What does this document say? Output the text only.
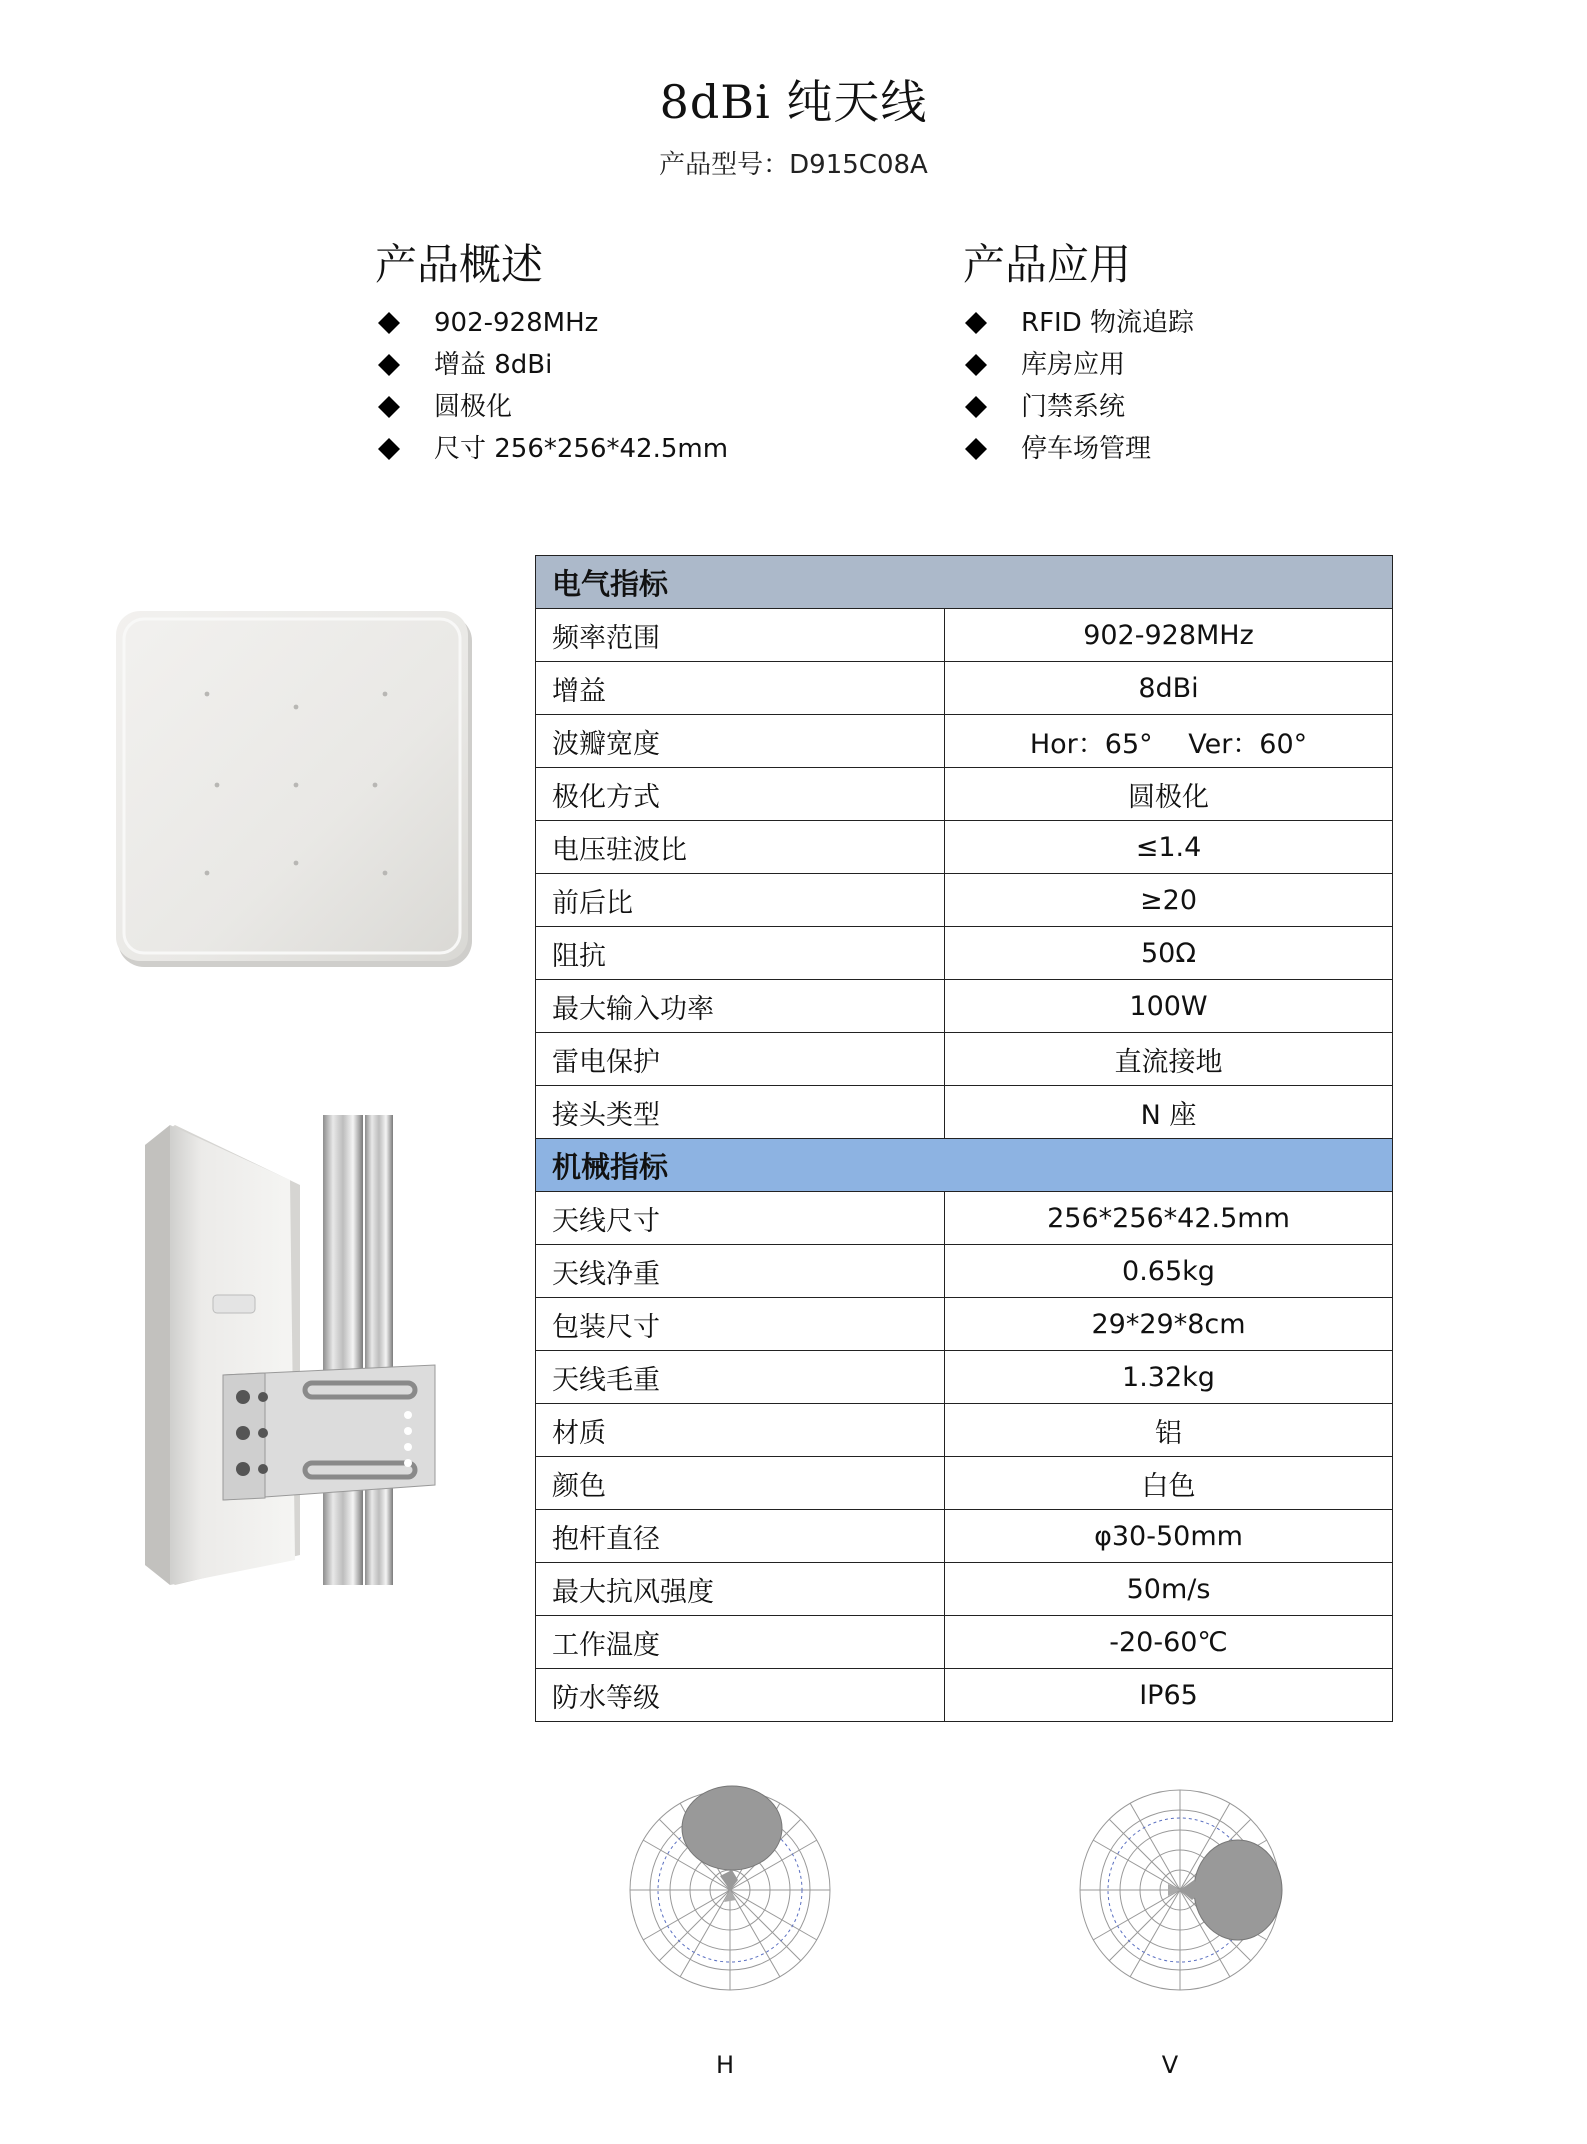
8dBi 纯天线
产品型号：D915C08A
产品概述
902-928MHz
增益 8dBi
圆极化
尺寸 256*256*42.5mm
产品应用
RFID 物流追踪
库房应用
门禁系统
停车场管理
电气指标	
频率范围	902-928MHz
增益	8dBi
波瓣宽度	Hor：65°　 Ver：60°
极化方式	圆极化
电压驻波比	≤1.4
前后比	≥20
阻抗	50Ω
最大输入功率	100W
雷电保护	直流接地
接头类型	N 座
机械指标	
天线尺寸	256*256*42.5mm
天线净重	0.65kg
包装尺寸	29*29*8cm
天线毛重	1.32kg
材质	铝
颜色	白色
抱杆直径	φ30-50mm
最大抗风强度	50m/s
工作温度	-20-60℃
防水等级	IP65
H	V
